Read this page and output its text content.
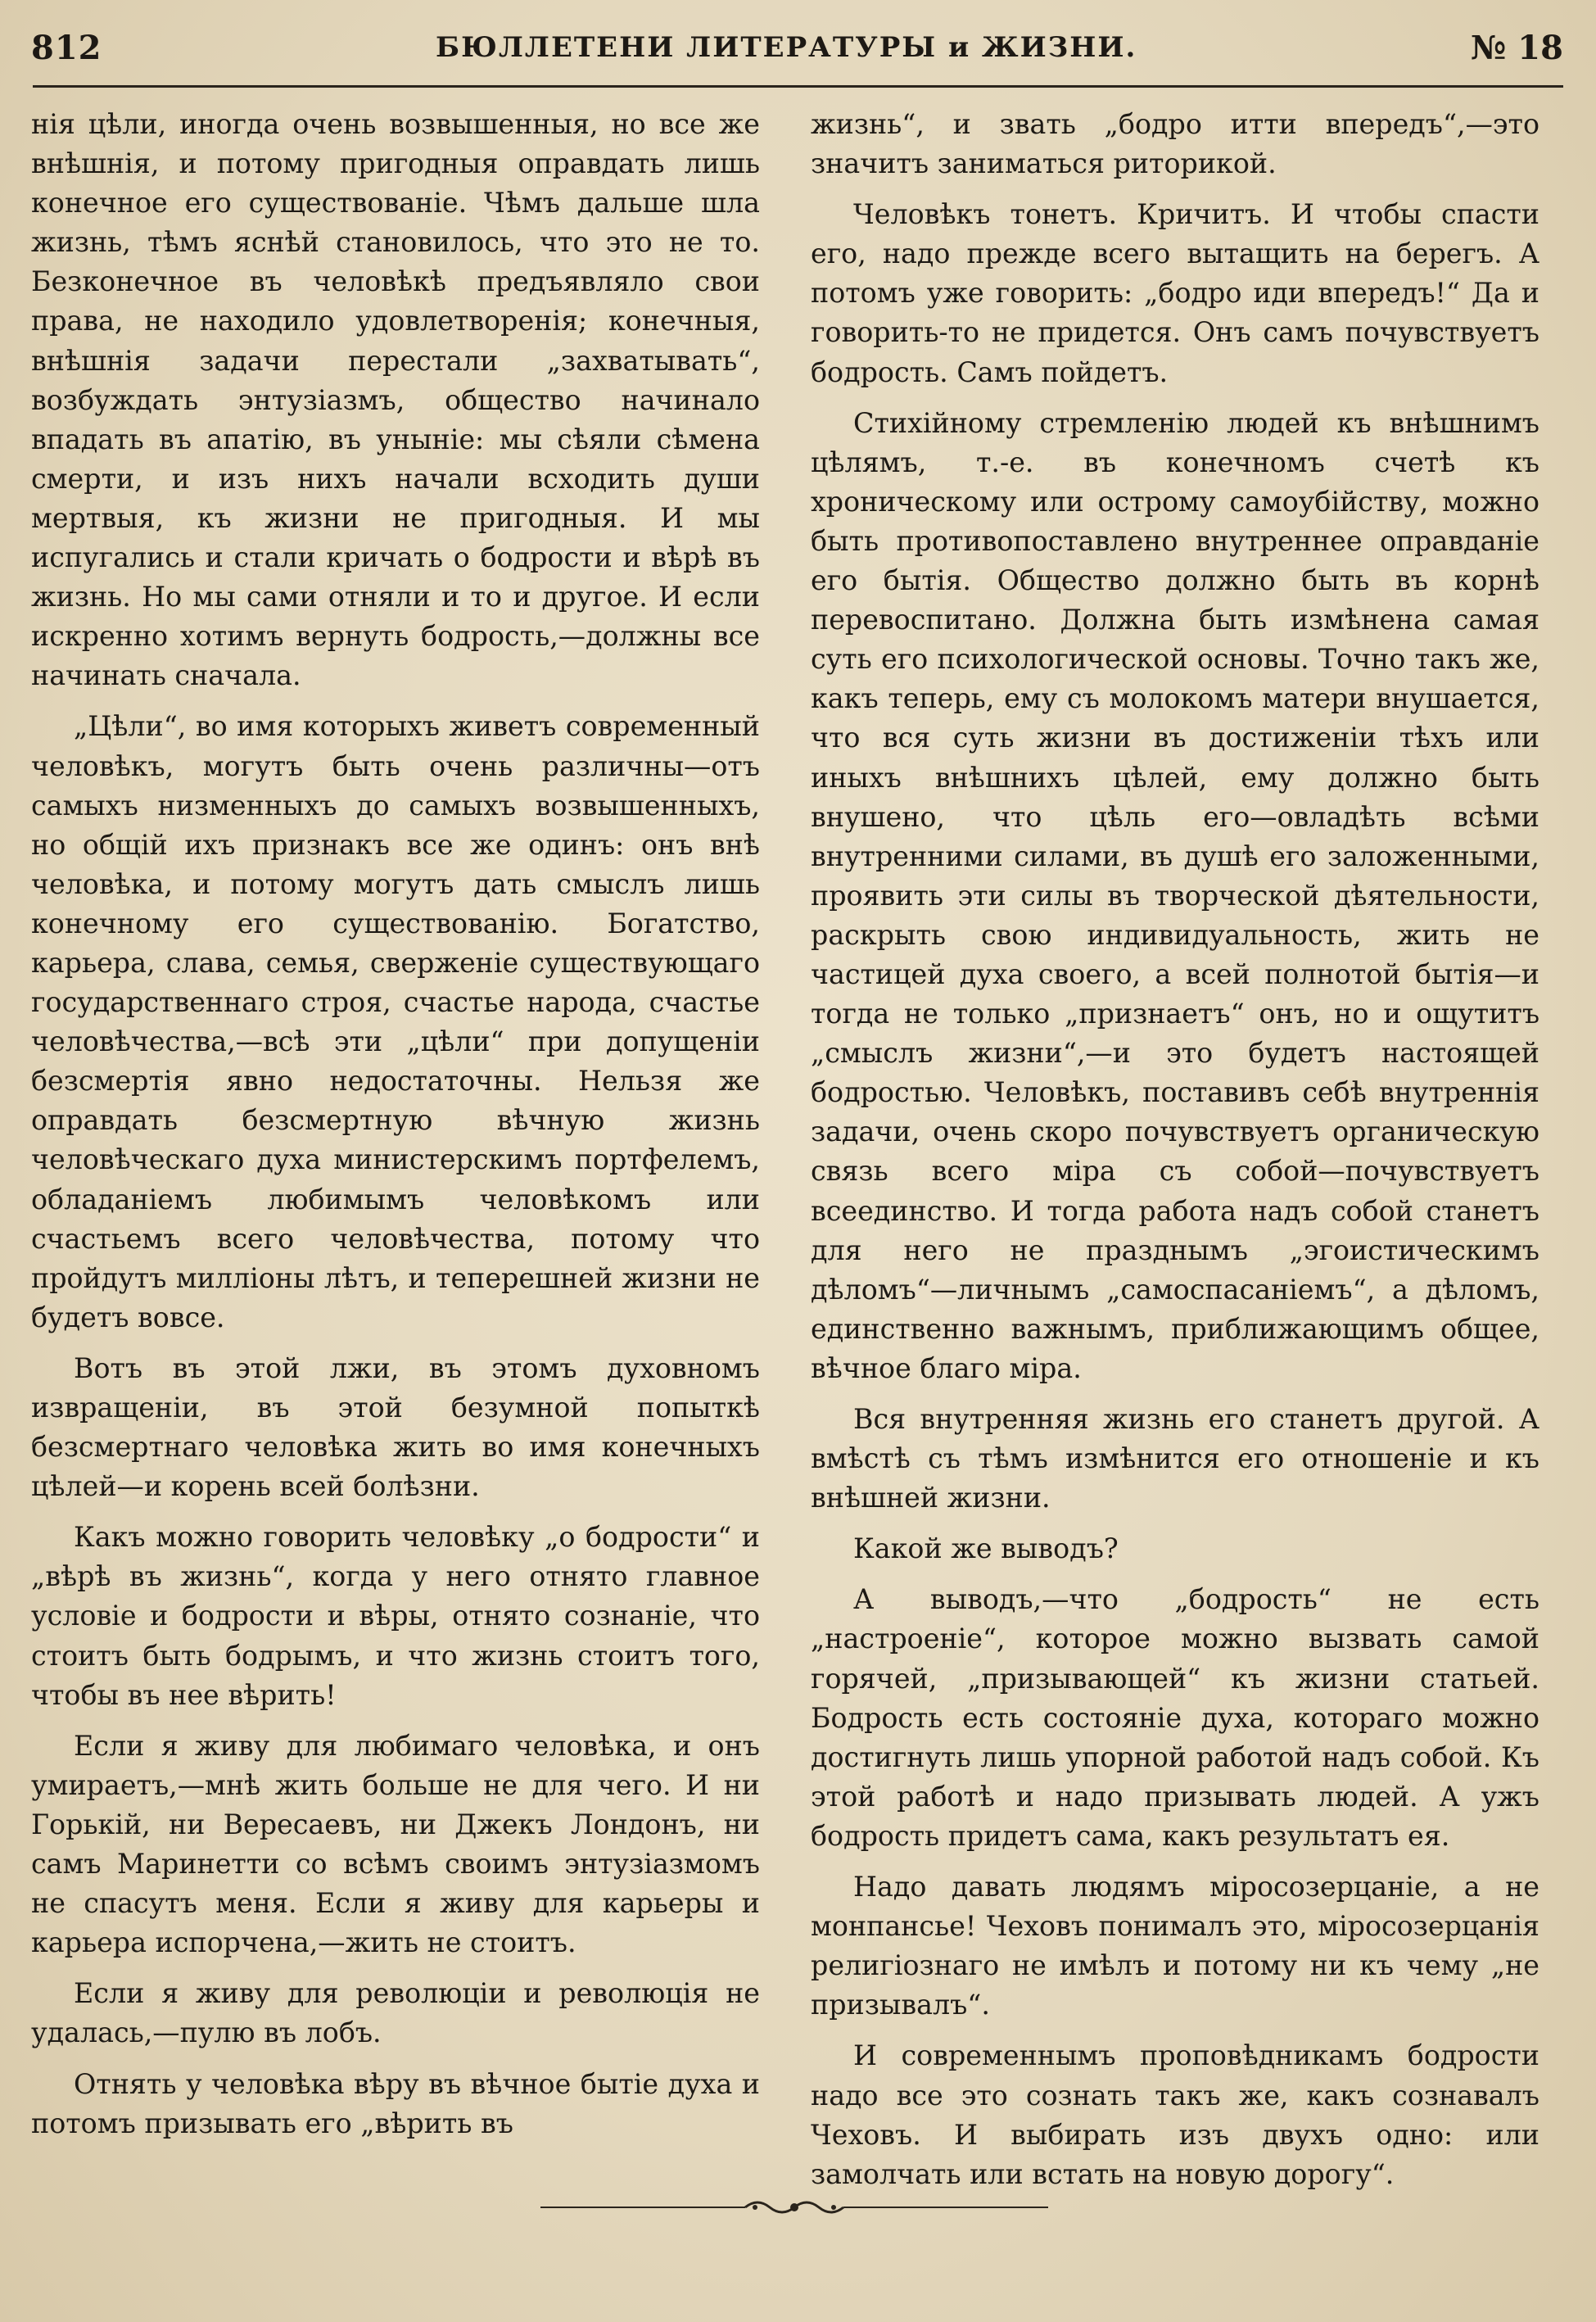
812	БЮЛЛЕТЕНИ ЛИТЕРАТУРЫ и ЖИЗНИ.	№ 18

нія цѣли, иногда очень возвышенныя, но все же внѣшнія, и потому пригодныя оправдать лишь конечное его существованіе. Чѣмъ дальше шла жизнь, тѣмъ яснѣй становилось, что это не то. Безконечное въ человѣкѣ предъявляло свои права, не находило удовлетворенія; конечныя, внѣшнія задачи перестали „захватывать“, возбуждать энтузіазмъ, общество начинало впадать въ апатію, въ уныніе: мы сѣяли сѣмена смерти, и изъ нихъ начали всходить души мертвыя, къ жизни не пригодныя. И мы испугались и стали кричать о бодрости и вѣрѣ въ жизнь. Но мы сами отняли и то и другое. И если искренно хотимъ вернуть бодрость,—должны все начинать сначала.

„Цѣли“, во имя которыхъ живетъ современный человѣкъ, могутъ быть очень различны—отъ самыхъ низменныхъ до самыхъ возвышенныхъ, но общій ихъ признакъ все же одинъ: онъ внѣ человѣка, и потому могутъ дать смыслъ лишь конечному его существованію. Богатство, карьера, слава, семья, сверженіе существующаго государственнаго строя, счастье народа, счастье человѣчества,—всѣ эти „цѣли“ при допущеніи безсмертія явно недостаточны. Нельзя же оправдать безсмертную вѣчную жизнь человѣческаго духа министерскимъ портфелемъ, обладаніемъ любимымъ человѣкомъ или счастьемъ всего человѣчества, потому что пройдутъ милліоны лѣтъ, и теперешней жизни не будетъ вовсе.

Вотъ въ этой лжи, въ этомъ духовномъ извращеніи, въ этой безумной попыткѣ безсмертнаго человѣка жить во имя конечныхъ цѣлей—и корень всей болѣзни.

Какъ можно говорить человѣку „о бодрости“ и „вѣрѣ въ жизнь“, когда у него отнято главное условіе и бодрости и вѣры, отнято сознаніе, что стоитъ быть бодрымъ, и что жизнь стоитъ того, чтобы въ нее вѣрить!

Если я живу для любимаго человѣка, и онъ умираетъ,—мнѣ жить больше не для чего. И ни Горькій, ни Вересаевъ, ни Джекъ Лондонъ, ни самъ Маринетти со всѣмъ своимъ энтузіазмомъ не спасутъ меня. Если я живу для карьеры и карьера испорчена,—жить не стоитъ.

Если я живу для революціи и революція не удалась,—пулю въ лобъ.

Отнять у человѣка вѣру въ вѣчное бытіе духа и потомъ призывать его „вѣрить въ

жизнь“, и звать „бодро итти впередъ“,—это значитъ заниматься риторикой.

Человѣкъ тонетъ. Кричитъ. И чтобы спасти его, надо прежде всего вытащить на берегъ. А потомъ уже говорить: „бодро иди впередъ!“ Да и говорить-то не придется. Онъ самъ почувствуетъ бодрость. Самъ пойдетъ.

Стихійному стремленію людей къ внѣшнимъ цѣлямъ, т.-е. въ конечномъ счетѣ къ хроническому или острому самоубійству, можно быть противопоставлено внутреннее оправданіе его бытія. Общество должно быть въ корнѣ перевоспитано. Должна быть измѣнена самая суть его психологической основы. Точно такъ же, какъ теперь, ему съ молокомъ матери внушается, что вся суть жизни въ достиженіи тѣхъ или иныхъ внѣшнихъ цѣлей, ему должно быть внушено, что цѣль его—овладѣть всѣми внутренними силами, въ душѣ его заложенными, проявить эти силы въ творческой дѣятельности, раскрыть свою индивидуальность, жить не частицей духа своего, а всей полнотой бытія—и тогда не только „признаетъ“ онъ, но и ощутитъ „смыслъ жизни“,—и это будетъ настоящей бодростью. Человѣкъ, поставивъ себѣ внутреннія задачи, очень скоро почувствуетъ органическую связь всего міра съ собой—почувствуетъ всеединство. И тогда работа надъ собой станетъ для него не празднымъ „эгоистическимъ дѣломъ“—личнымъ „самоспасаніемъ“, а дѣломъ, единственно важнымъ, приближающимъ общее, вѣчное благо міра.

Вся внутренняя жизнь его станетъ другой. А вмѣстѣ съ тѣмъ измѣнится его отношеніе и къ внѣшней жизни.

Какой же выводъ?

А выводъ,—что „бодрость“ не есть „настроеніе“, которое можно вызвать самой горячей, „призывающей“ къ жизни статьей. Бодрость есть состояніе духа, котораго можно достигнуть лишь упорной работой надъ собой. Къ этой работѣ и надо призывать людей. А ужъ бодрость придетъ сама, какъ результатъ ея.

Надо давать людямъ міросозерцаніе, а не монпансье! Чеховъ понималъ это, міросозерцанія религіознаго не имѣлъ и потому ни къ чему „не призывалъ“.

И современнымъ проповѣдникамъ бодрости надо все это сознать такъ же, какъ сознавалъ Чеховъ. И выбирать изъ двухъ одно: или замолчать или встать на новую дорогу“.
